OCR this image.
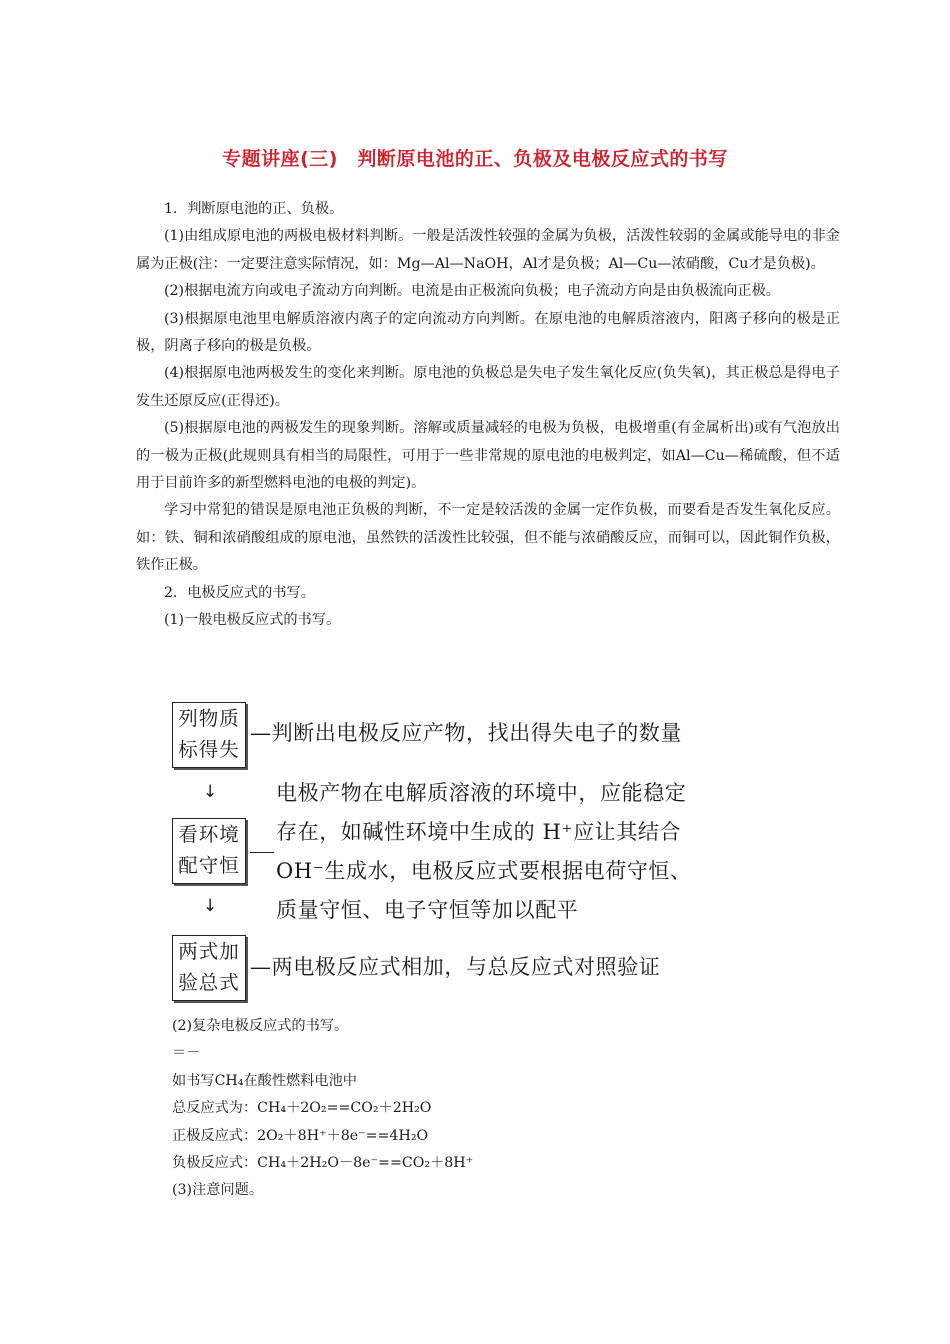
专题讲座(三)　判断原电池的正、负极及电极反应式的书写

1．判断原电池的正、负极。

(1)由组成原电池的两极电极材料判断。一般是活泼性较强的金属为负极，活泼性较弱的金属或能导电的非金属为正极(注：一定要注意实际情况，如：Mg—Al—NaOH，Al才是负极；Al—Cu—浓硝酸，Cu才是负极)。

(2)根据电流方向或电子流动方向判断。电流是由正极流向负极；电子流动方向是由负极流向正极。

(3)根据原电池里电解质溶液内离子的定向流动方向判断。在原电池的电解质溶液内，阳离子移向的极是正极，阴离子移向的极是负极。

(4)根据原电池两极发生的变化来判断。原电池的负极总是失电子发生氧化反应(负失氧)，其正极总是得电子发生还原反应(正得还)。

(5)根据原电池的两极发生的现象判断。溶解或质量减轻的电极为负极，电极增重(有金属析出)或有气泡放出的一极为正极(此规则具有相当的局限性，可用于一些非常规的原电池的电极判定，如Al—Cu—稀硫酸，但不适用于目前许多的新型燃料电池的电极的判定)。

学习中常犯的错误是原电池正负极的判断，不一定是较活泼的金属一定作负极，而要看是否发生氧化反应。如：铁、铜和浓硝酸组成的原电池，虽然铁的活泼性比较强，但不能与浓硝酸反应，而铜可以，因此铜作负极，铁作正极。

2．电极反应式的书写。

(1)一般电极反应式的书写。

列物质
标得失
—判断出电极反应产物，找出得失电子的数量
↓	电极产物在电解质溶液的环境中，应能稳定
看环境
配守恒
存在，如碱性环境中生成的 H⁺应让其结合
OH⁻生成水，电极反应式要根据电荷守恒、
↓	质量守恒、电子守恒等加以配平
两式加
验总式
—两电极反应式相加，与总反应式对照验证

(2)复杂电极反应式的书写。

＝－

如书写CH₄在酸性燃料电池中

总反应式为：CH₄＋2O₂==CO₂＋2H₂O

正极反应式：2O₂＋8H⁺＋8e⁻==4H₂O

负极反应式：CH₄＋2H₂O－8e⁻==CO₂＋8H⁺

(3)注意问题。
